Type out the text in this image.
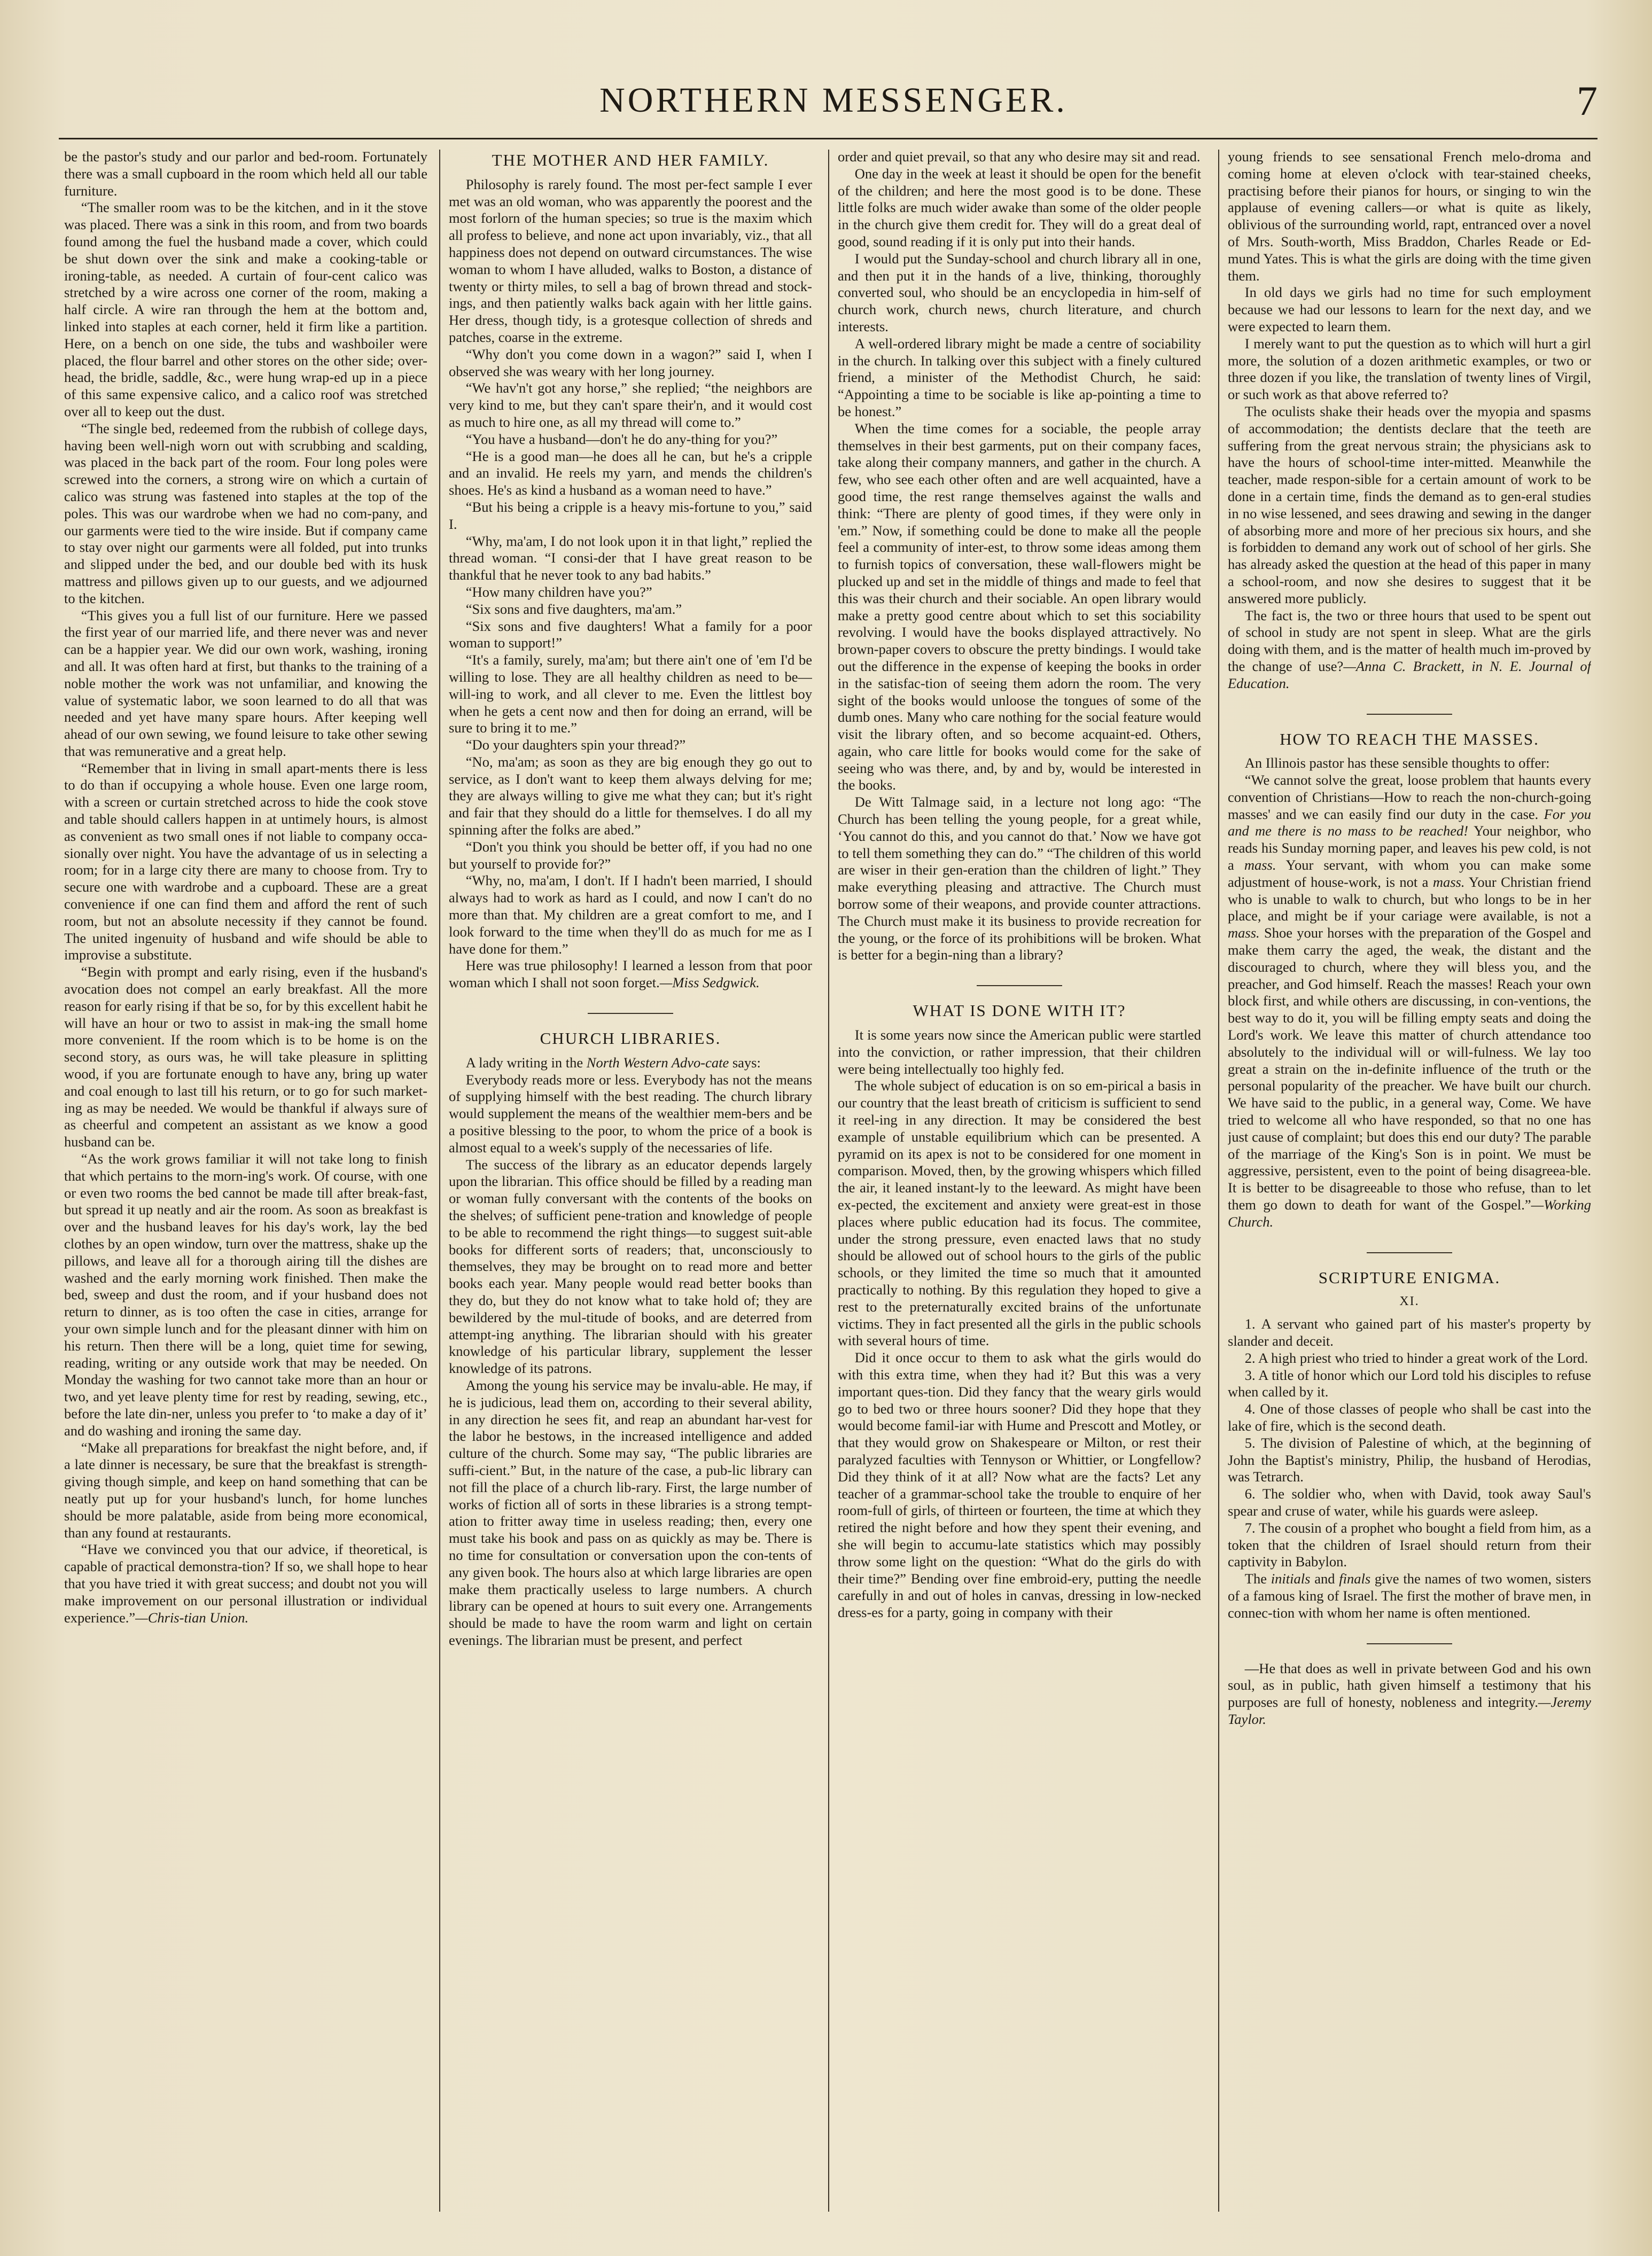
NORTHERN MESSENGER.	7

be the pastor's study and our parlor and bed-room. Fortunately there was a small cupboard in the room which held all our table furniture.

“The smaller room was to be the kitchen, and in it the stove was placed. There was a sink in this room, and from two boards found among the fuel the husband made a cover, which could be shut down over the sink and make a cooking-table or ironing-table, as needed. A curtain of four-cent calico was stretched by a wire across one corner of the room, making a half circle. A wire ran through the hem at the bottom and, linked into staples at each corner, held it firm like a partition. Here, on a bench on one side, the tubs and washboiler were placed, the flour barrel and other stores on the other side; over-head, the bridle, saddle, &c., were hung wrap-ed up in a piece of this same expensive calico, and a calico roof was stretched over all to keep out the dust.

“The single bed, redeemed from the rubbish of college days, having been well-nigh worn out with scrubbing and scalding, was placed in the back part of the room. Four long poles were screwed into the corners, a strong wire on which a curtain of calico was strung was fastened into staples at the top of the poles. This was our wardrobe when we had no com-pany, and our garments were tied to the wire inside. But if company came to stay over night our garments were all folded, put into trunks and slipped under the bed, and our double bed with its husk mattress and pillows given up to our guests, and we adjourned to the kitchen.

“This gives you a full list of our furniture. Here we passed the first year of our married life, and there never was and never can be a happier year. We did our own work, washing, ironing and all. It was often hard at first, but thanks to the training of a noble mother the work was not unfamiliar, and knowing the value of systematic labor, we soon learned to do all that was needed and yet have many spare hours. After keeping well ahead of our own sewing, we found leisure to take other sewing that was remunerative and a great help.

“Remember that in living in small apart-ments there is less to do than if occupying a whole house. Even one large room, with a screen or curtain stretched across to hide the cook stove and table should callers happen in at untimely hours, is almost as convenient as two small ones if not liable to company occa-sionally over night. You have the advantage of us in selecting a room; for in a large city there are many to choose from. Try to secure one with wardrobe and a cupboard. These are a great convenience if one can find them and afford the rent of such room, but not an absolute necessity if they cannot be found. The united ingenuity of husband and wife should be able to improvise a substitute.

“Begin with prompt and early rising, even if the husband's avocation does not compel an early breakfast. All the more reason for early rising if that be so, for by this excellent habit he will have an hour or two to assist in mak-ing the small home more convenient. If the room which is to be home is on the second story, as ours was, he will take pleasure in splitting wood, if you are fortunate enough to have any, bring up water and coal enough to last till his return, or to go for such market-ing as may be needed. We would be thankful if always sure of as cheerful and competent an assistant as we know a good husband can be.

“As the work grows familiar it will not take long to finish that which pertains to the morn-ing's work. Of course, with one or even two rooms the bed cannot be made till after break-fast, but spread it up neatly and air the room. As soon as breakfast is over and the husband leaves for his day's work, lay the bed clothes by an open window, turn over the mattress, shake up the pillows, and leave all for a thorough airing till the dishes are washed and the early morning work finished. Then make the bed, sweep and dust the room, and if your husband does not return to dinner, as is too often the case in cities, arrange for your own simple lunch and for the pleasant dinner with him on his return. Then there will be a long, quiet time for sewing, reading, writing or any outside work that may be needed. On Monday the washing for two cannot take more than an hour or two, and yet leave plenty time for rest by reading, sewing, etc., before the late din-ner, unless you prefer to ‘to make a day of it’ and do washing and ironing the same day.

“Make all preparations for breakfast the night before, and, if a late dinner is necessary, be sure that the breakfast is strength-giving though simple, and keep on hand something that can be neatly put up for your husband's lunch, for home lunches should be more palatable, aside from being more economical, than any found at restaurants.

“Have we convinced you that our advice, if theoretical, is capable of practical demonstra-tion? If so, we shall hope to hear that you have tried it with great success; and doubt not you will make improvement on our personal illustration or individual experience.”—Chris-tian Union.

THE MOTHER AND HER FAMILY.

Philosophy is rarely found. The most per-fect sample I ever met was an old woman, who was apparently the poorest and the most forlorn of the human species; so true is the maxim which all profess to believe, and none act upon invariably, viz., that all happiness does not depend on outward circumstances. The wise woman to whom I have alluded, walks to Boston, a distance of twenty or thirty miles, to sell a bag of brown thread and stock-ings, and then patiently walks back again with her little gains. Her dress, though tidy, is a grotesque collection of shreds and patches, coarse in the extreme.

“Why don't you come down in a wagon?” said I, when I observed she was weary with her long journey.

“We hav'n't got any horse,” she replied; “the neighbors are very kind to me, but they can't spare their'n, and it would cost as much to hire one, as all my thread will come to.”

“You have a husband—don't he do any-thing for you?”

“He is a good man—he does all he can, but he's a cripple and an invalid. He reels my yarn, and mends the children's shoes. He's as kind a husband as a woman need to have.”

“But his being a cripple is a heavy mis-fortune to you,” said I.

“Why, ma'am, I do not look upon it in that light,” replied the thread woman. “I consi-der that I have great reason to be thankful that he never took to any bad habits.”

“How many children have you?”

“Six sons and five daughters, ma'am.”

“Six sons and five daughters! What a family for a poor woman to support!”

“It's a family, surely, ma'am; but there ain't one of 'em I'd be willing to lose. They are all healthy children as need to be—will-ing to work, and all clever to me. Even the littlest boy when he gets a cent now and then for doing an errand, will be sure to bring it to me.”

“Do your daughters spin your thread?”

“No, ma'am; as soon as they are big enough they go out to service, as I don't want to keep them always delving for me; they are always willing to give me what they can; but it's right and fair that they should do a little for themselves. I do all my spinning after the folks are abed.”

“Don't you think you should be better off, if you had no one but yourself to provide for?”

“Why, no, ma'am, I don't. If I hadn't been married, I should always had to work as hard as I could, and now I can't do no more than that. My children are a great comfort to me, and I look forward to the time when they'll do as much for me as I have done for them.”

Here was true philosophy! I learned a lesson from that poor woman which I shall not soon forget.—Miss Sedgwick.

CHURCH LIBRARIES.

A lady writing in the North Western Advo-cate says:

Everybody reads more or less. Everybody has not the means of supplying himself with the best reading. The church library would supplement the means of the wealthier mem-bers and be a positive blessing to the poor, to whom the price of a book is almost equal to a week's supply of the necessaries of life.

The success of the library as an educator depends largely upon the librarian. This office should be filled by a reading man or woman fully conversant with the contents of the books on the shelves; of sufficient pene-tration and knowledge of people to be able to recommend the right things—to suggest suit-able books for different sorts of readers; that, unconsciously to themselves, they may be brought on to read more and better books each year. Many people would read better books than they do, but they do not know what to take hold of; they are bewildered by the mul-titude of books, and are deterred from attempt-ing anything. The librarian should with his greater knowledge of his particular library, supplement the lesser knowledge of its patrons.

Among the young his service may be invalu-able. He may, if he is judicious, lead them on, according to their several ability, in any direction he sees fit, and reap an abundant har-vest for the labor he bestows, in the increased intelligence and added culture of the church. Some may say, “The public libraries are suffi-cient.” But, in the nature of the case, a pub-lic library can not fill the place of a church lib-rary. First, the large number of works of fiction all of sorts in these libraries is a strong tempt-ation to fritter away time in useless reading; then, every one must take his book and pass on as quickly as may be. There is no time for consultation or conversation upon the con-tents of any given book. The hours also at which large libraries are open make them practically useless to large numbers. A church library can be opened at hours to suit every one. Arrangements should be made to have the room warm and light on certain evenings. The librarian must be present, and perfect

order and quiet prevail, so that any who desire may sit and read.

One day in the week at least it should be open for the benefit of the children; and here the most good is to be done. These little folks are much wider awake than some of the older people in the church give them credit for. They will do a great deal of good, sound reading if it is only put into their hands.

I would put the Sunday-school and church library all in one, and then put it in the hands of a live, thinking, thoroughly converted soul, who should be an encyclopedia in him-self of church work, church news, church literature, and church interests.

A well-ordered library might be made a centre of sociability in the church. In talking over this subject with a finely cultured friend, a minister of the Methodist Church, he said: “Appointing a time to be sociable is like ap-pointing a time to be honest.”

When the time comes for a sociable, the people array themselves in their best garments, put on their company faces, take along their company manners, and gather in the church. A few, who see each other often and are well acquainted, have a good time, the rest range themselves against the walls and think: “There are plenty of good times, if they were only in 'em.” Now, if something could be done to make all the people feel a community of inter-est, to throw some ideas among them to furnish topics of conversation, these wall-flowers might be plucked up and set in the middle of things and made to feel that this was their church and their sociable. An open library would make a pretty good centre about which to set this sociability revolving. I would have the books displayed attractively. No brown-paper covers to obscure the pretty bindings. I would take out the difference in the expense of keeping the books in order in the satisfac-tion of seeing them adorn the room. The very sight of the books would unloose the tongues of some of the dumb ones. Many who care nothing for the social feature would visit the library often, and so become acquaint-ed. Others, again, who care little for books would come for the sake of seeing who was there, and, by and by, would be interested in the books.

De Witt Talmage said, in a lecture not long ago: “The Church has been telling the young people, for a great while, ‘You cannot do this, and you cannot do that.’ Now we have got to tell them something they can do.” “The children of this world are wiser in their gen-eration than the children of light.” They make everything pleasing and attractive. The Church must borrow some of their weapons, and provide counter attractions. The Church must make it its business to provide recreation for the young, or the force of its prohibitions will be broken. What is better for a begin-ning than a library?

WHAT IS DONE WITH IT?

It is some years now since the American public were startled into the conviction, or rather impression, that their children were being intellectually too highly fed.

The whole subject of education is on so em-pirical a basis in our country that the least breath of criticism is sufficient to send it reel-ing in any direction. It may be considered the best example of unstable equilibrium which can be presented. A pyramid on its apex is not to be considered for one moment in comparison. Moved, then, by the growing whispers which filled the air, it leaned instant-ly to the leeward. As might have been ex-pected, the excitement and anxiety were great-est in those places where public education had its focus. The commitee, under the strong pressure, even enacted laws that no study should be allowed out of school hours to the girls of the public schools, or they limited the time so much that it amounted practically to nothing. By this regulation they hoped to give a rest to the preternaturally excited brains of the unfortunate victims. They in fact presented all the girls in the public schools with several hours of time.

Did it once occur to them to ask what the girls would do with this extra time, when they had it? But this was a very important ques-tion. Did they fancy that the weary girls would go to bed two or three hours sooner? Did they hope that they would become famil-iar with Hume and Prescott and Motley, or that they would grow on Shakespeare or Milton, or rest their paralyzed faculties with Tennyson or Whittier, or Longfellow? Did they think of it at all? Now what are the facts? Let any teacher of a grammar-school take the trouble to enquire of her room-full of girls, of thirteen or fourteen, the time at which they retired the night before and how they spent their evening, and she will begin to accumu-late statistics which may possibly throw some light on the question: “What do the girls do with their time?” Bending over fine embroid-ery, putting the needle carefully in and out of holes in canvas, dressing in low-necked dress-es for a party, going in company with their

young friends to see sensational French melo-droma and coming home at eleven o'clock with tear-stained cheeks, practising before their pianos for hours, or singing to win the applause of evening callers—or what is quite as likely, oblivious of the surrounding world, rapt, entranced over a novel of Mrs. South-worth, Miss Braddon, Charles Reade or Ed-mund Yates. This is what the girls are doing with the time given them.

In old days we girls had no time for such employment because we had our lessons to learn for the next day, and we were expected to learn them.

I merely want to put the question as to which will hurt a girl more, the solution of a dozen arithmetic examples, or two or three dozen if you like, the translation of twenty lines of Virgil, or such work as that above referred to?

The oculists shake their heads over the myopia and spasms of accommodation; the dentists declare that the teeth are suffering from the great nervous strain; the physicians ask to have the hours of school-time inter-mitted. Meanwhile the teacher, made respon-sible for a certain amount of work to be done in a certain time, finds the demand as to gen-eral studies in no wise lessened, and sees drawing and sewing in the danger of absorbing more and more of her precious six hours, and she is forbidden to demand any work out of school of her girls. She has already asked the question at the head of this paper in many a school-room, and now she desires to suggest that it be answered more publicly.

The fact is, the two or three hours that used to be spent out of school in study are not spent in sleep. What are the girls doing with them, and is the matter of health much im-proved by the change of use?—Anna C. Brackett, in N. E. Journal of Education.

HOW TO REACH THE MASSES.

An Illinois pastor has these sensible thoughts to offer:

“We cannot solve the great, loose problem that haunts every convention of Christians—How to reach the non-church-going masses' and we can easily find our duty in the case. For you and me there is no mass to be reached! Your neighbor, who reads his Sunday morning paper, and leaves his pew cold, is not a mass. Your servant, with whom you can make some adjustment of house-work, is not a mass. Your Christian friend who is unable to walk to church, but who longs to be in her place, and might be if your cariage were available, is not a mass. Shoe your horses with the preparation of the Gospel and make them carry the aged, the weak, the distant and the discouraged to church, where they will bless you, and the preacher, and God himself. Reach the masses! Reach your own block first, and while others are discussing, in con-ventions, the best way to do it, you will be filling empty seats and doing the Lord's work. We leave this matter of church attendance too absolutely to the individual will or will-fulness. We lay too great a strain on the in-definite influence of the truth or the personal popularity of the preacher. We have built our church. We have said to the public, in a general way, Come. We have tried to welcome all who have responded, so that no one has just cause of complaint; but does this end our duty? The parable of the marriage of the King's Son is in point. We must be aggressive, persistent, even to the point of being disagreea-ble. It is better to be disagreeable to those who refuse, than to let them go down to death for want of the Gospel.”—Working Church.

SCRIPTURE ENIGMA.
XI.

1. A servant who gained part of his master's property by slander and deceit.

2. A high priest who tried to hinder a great work of the Lord.

3. A title of honor which our Lord told his disciples to refuse when called by it.

4. One of those classes of people who shall be cast into the lake of fire, which is the second death.

5. The division of Palestine of which, at the beginning of John the Baptist's ministry, Philip, the husband of Herodias, was Tetrarch.

6. The soldier who, when with David, took away Saul's spear and cruse of water, while his guards were asleep.

7. The cousin of a prophet who bought a field from him, as a token that the children of Israel should return from their captivity in Babylon.

The initials and finals give the names of two women, sisters of a famous king of Israel. The first the mother of brave men, in connec-tion with whom her name is often mentioned.

—He that does as well in private between God and his own soul, as in public, hath given himself a testimony that his purposes are full of honesty, nobleness and integrity.—Jeremy Taylor.
